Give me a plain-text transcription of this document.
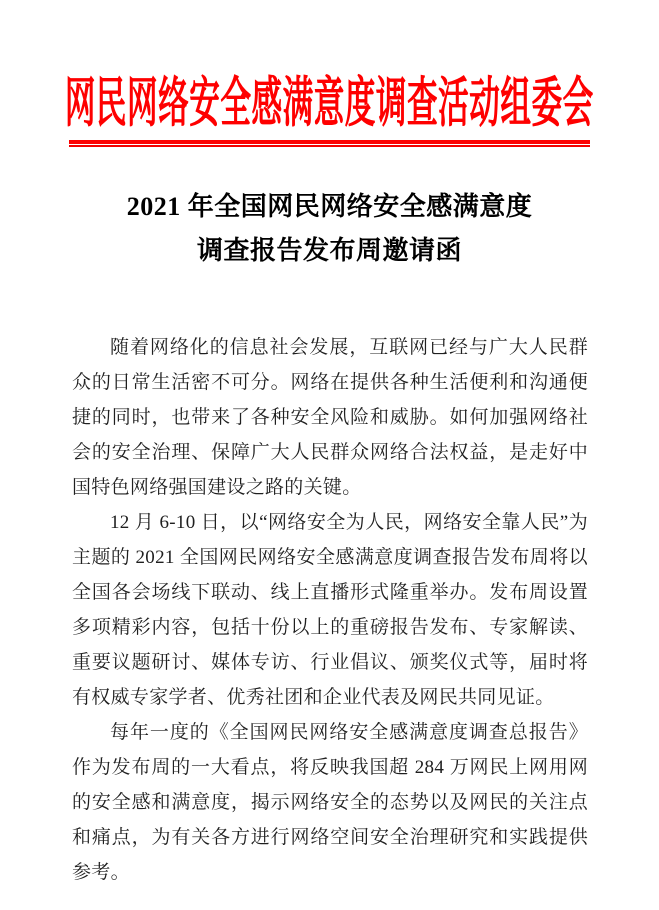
网民网络安全感满意度调查活动组委会
2021 年全国网民网络安全感满意度
调查报告发布周邀请函

随着网络化的信息社会发展，互联网已经与广大人民群众的日常生活密不可分。网络在提供各种生活便利和沟通便捷的同时，也带来了各种安全风险和威胁。如何加强网络社会的安全治理、保障广大人民群众网络合法权益，是走好中国特色网络强国建设之路的关键。

12 月 6-10 日，以“网络安全为人民，网络安全靠人民”为主题的 2021 全国网民网络安全感满意度调查报告发布周将以全国各会场线下联动、线上直播形式隆重举办。发布周设置多项精彩内容，包括十份以上的重磅报告发布、专家解读、重要议题研讨、媒体专访、行业倡议、颁奖仪式等，届时将有权威专家学者、优秀社团和企业代表及网民共同见证。

每年一度的《全国网民网络安全感满意度调查总报告》作为发布周的一大看点，将反映我国超 284 万网民上网用网的安全感和满意度，揭示网络安全的态势以及网民的关注点和痛点，为有关各方进行网络空间安全治理研究和实践提供参考。
